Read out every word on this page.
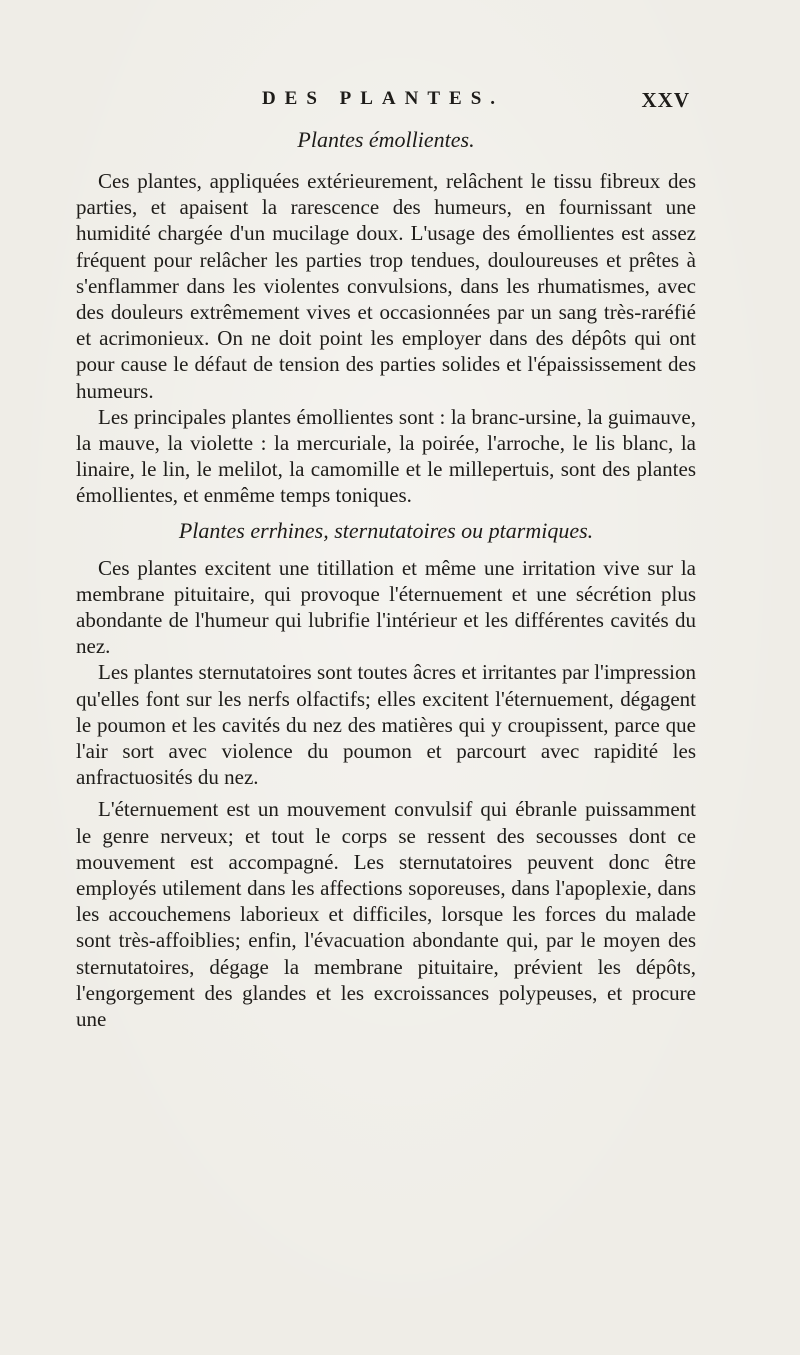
DES PLANTES.	XXV
Plantes émollientes.

Ces plantes, appliquées extérieurement, relâchent le tissu fibreux des parties, et apaisent la rarescence des humeurs, en fournissant une humidité chargée d'un mucilage doux. L'usage des émollientes est assez fréquent pour relâcher les parties trop tendues, douloureuses et prêtes à s'enflammer dans les violentes convulsions, dans les rhumatismes, avec des douleurs extrêmement vives et occasionnées par un sang très-raréfié et acrimonieux. On ne doit point les employer dans des dépôts qui ont pour cause le défaut de tension des parties solides et l'épaississement des humeurs.

Les principales plantes émollientes sont : la branc-ursine, la guimauve, la mauve, la violette : la mercuriale, la poirée, l'arroche, le lis blanc, la linaire, le lin, le melilot, la camomille et le millepertuis, sont des plantes émollientes, et enmême temps toniques.

Plantes errhines, sternutatoires ou ptarmiques.

Ces plantes excitent une titillation et même une irritation vive sur la membrane pituitaire, qui provoque l'éternuement et une sécrétion plus abondante de l'humeur qui lubrifie l'intérieur et les différentes cavités du nez.

Les plantes sternutatoires sont toutes âcres et irritantes par l'impression qu'elles font sur les nerfs olfactifs; elles excitent l'éternuement, dégagent le poumon et les cavités du nez des matières qui y croupissent, parce que l'air sort avec violence du poumon et parcourt avec rapidité les anfractuosités du nez.

L'éternuement est un mouvement convulsif qui ébranle puissamment le genre nerveux; et tout le corps se ressent des secousses dont ce mouvement est accompagné. Les sternutatoires peuvent donc être employés utilement dans les affections soporeuses, dans l'apoplexie, dans les accouchemens laborieux et difficiles, lorsque les forces du malade sont très-affoiblies; enfin, l'évacuation abondante qui, par le moyen des sternutatoires, dégage la membrane pituitaire, prévient les dépôts, l'engorgement des glandes et les excroissances polypeuses, et procure une
